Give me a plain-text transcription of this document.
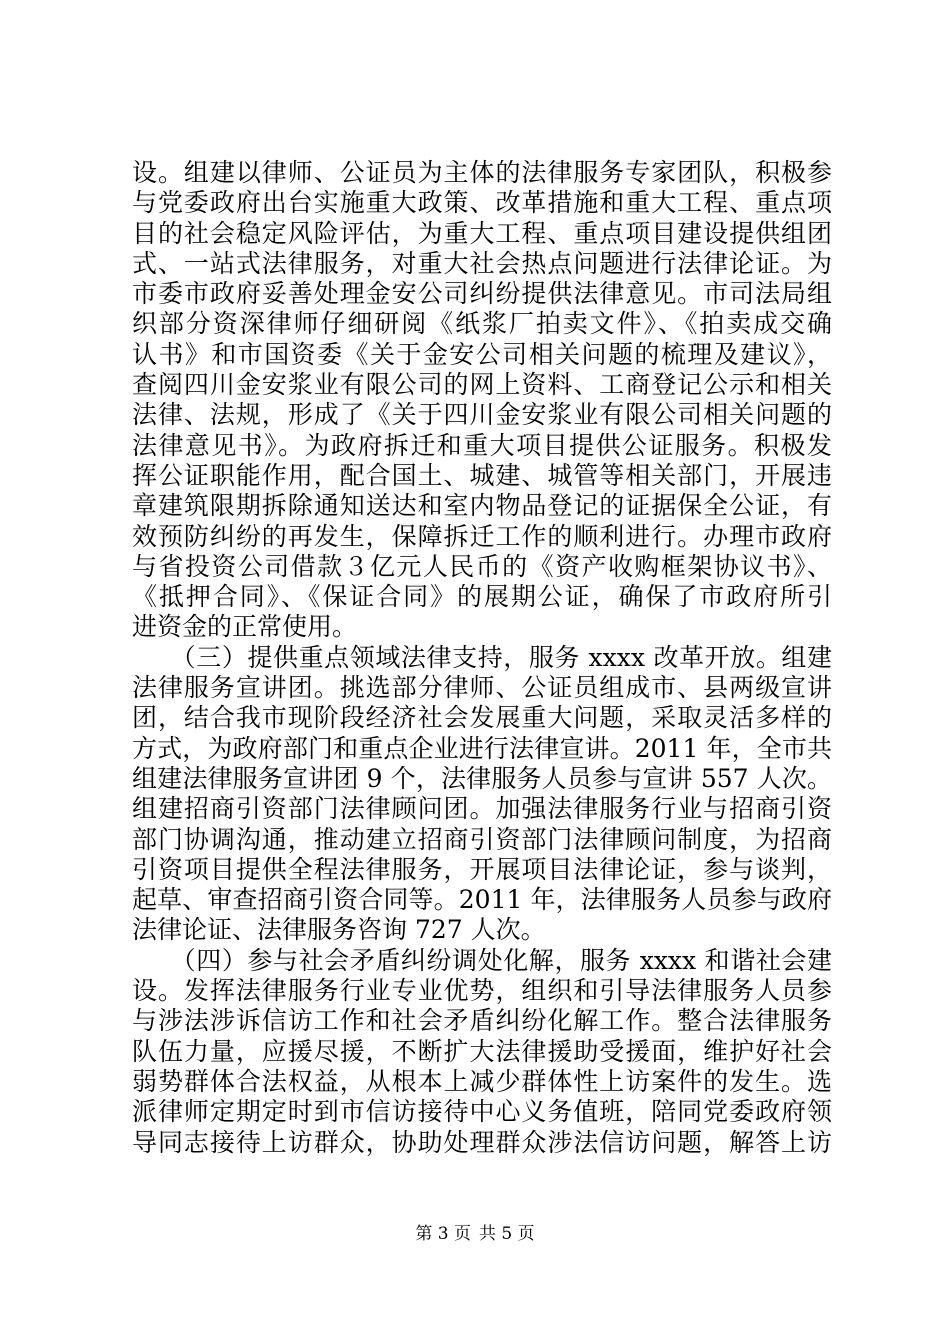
设。组建以律师、公证员为主体的法律服务专家团队，积极参
与党委政府出台实施重大政策、改革措施和重大工程、重点项
目的社会稳定风险评估，为重大工程、重点项目建设提供组团
式、一站式法律服务，对重大社会热点问题进行法律论证。为
市委市政府妥善处理金安公司纠纷提供法律意见。市司法局组
织部分资深律师仔细研阅《纸浆厂拍卖文件》、《拍卖成交确
认书》和市国资委《关于金安公司相关问题的梳理及建议》，
查阅四川金安浆业有限公司的网上资料、工商登记公示和相关
法律、法规，形成了《关于四川金安浆业有限公司相关问题的
法律意见书》。为政府拆迁和重大项目提供公证服务。积极发
挥公证职能作用，配合国土、城建、城管等相关部门，开展违
章建筑限期拆除通知送达和室内物品登记的证据保全公证，有
效预防纠纷的再发生，保障拆迁工作的顺利进行。办理市政府
与省投资公司借款３亿元人民币的《资产收购框架协议书》、
《抵押合同》、《保证合同》的展期公证，确保了市政府所引
进资金的正常使用。
　　（三）提供重点领域法律支持，服务 xxxx 改革开放。组建
法律服务宣讲团。挑选部分律师、公证员组成市、县两级宣讲
团，结合我市现阶段经济社会发展重大问题，采取灵活多样的
方式，为政府部门和重点企业进行法律宣讲。2011 年，全市共
组建法律服务宣讲团 9 个，法律服务人员参与宣讲 557 人次。
组建招商引资部门法律顾问团。加强法律服务行业与招商引资
部门协调沟通，推动建立招商引资部门法律顾问制度，为招商
引资项目提供全程法律服务，开展项目法律论证，参与谈判，
起草、审查招商引资合同等。2011 年，法律服务人员参与政府
法律论证、法律服务咨询 727 人次。
　　（四）参与社会矛盾纠纷调处化解，服务 xxxx 和谐社会建
设。发挥法律服务行业专业优势，组织和引导法律服务人员参
与涉法涉诉信访工作和社会矛盾纠纷化解工作。整合法律服务
队伍力量，应援尽援，不断扩大法律援助受援面，维护好社会
弱势群体合法权益，从根本上减少群体性上访案件的发生。选
派律师定期定时到市信访接待中心义务值班，陪同党委政府领
导同志接待上访群众，协助处理群众涉法信访问题，解答上访
第 3 页 共 5 页
